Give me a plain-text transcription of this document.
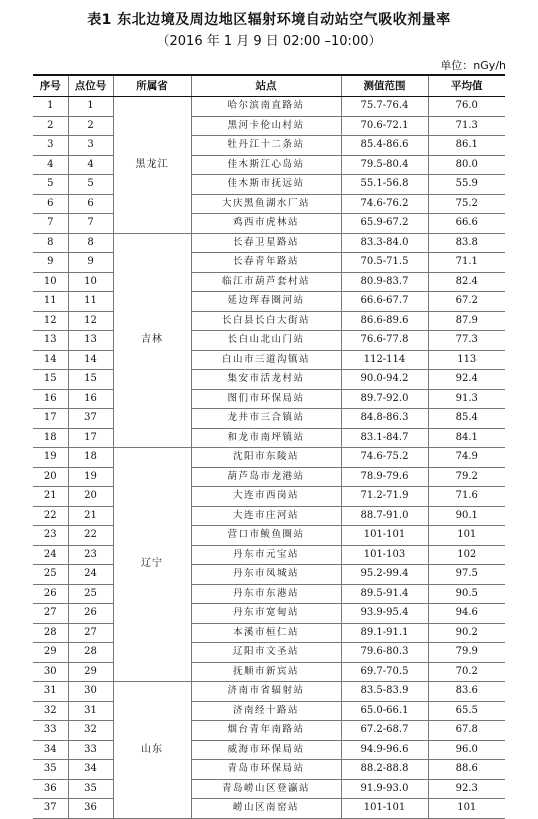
表1 东北边境及周边地区辐射环境自动站空气吸收剂量率
（2016 年 1 月 9 日 02:00 –10:00）
单位：nGy/h
序号	点位号	所属省	站点	测值范围	平均值
1	1	黑龙江	哈尔滨南直路站	75.7-76.4	76.0
2	2		黑河卡伦山村站	70.6-72.1	71.3
3	3		牡丹江十二条站	85.4-86.6	86.1
4	4		佳木斯江心岛站	79.5-80.4	80.0
5	5		佳木斯市抚远站	55.1-56.8	55.9
6	6		大庆黑鱼湖水厂站	74.6-76.2	75.2
7	7		鸡西市虎林站	65.9-67.2	66.6
8	8	吉林	长春卫星路站	83.3-84.0	83.8
9	9		长春青年路站	70.5-71.5	71.1
10	10		临江市葫芦套村站	80.9-83.7	82.4
11	11		延边珲春圈河站	66.6-67.7	67.2
12	12		长白县长白大街站	86.6-89.6	87.9
13	13		长白山北山门站	76.6-77.8	77.3
14	14		白山市三道沟镇站	112-114	113
15	15		集安市活龙村站	90.0-94.2	92.4
16	16		图们市环保局站	89.7-92.0	91.3
17	37		龙井市三合镇站	84.8-86.3	85.4
18	17		和龙市南坪镇站	83.1-84.7	84.1
19	18	辽宁	沈阳市东陵站	74.6-75.2	74.9
20	19		葫芦岛市龙港站	78.9-79.6	79.2
21	20		大连市西岗站	71.2-71.9	71.6
22	21		大连市庄河站	88.7-91.0	90.1
23	22		营口市鲅鱼圈站	101-101	101
24	23		丹东市元宝站	101-103	102
25	24		丹东市凤城站	95.2-99.4	97.5
26	25		丹东市东港站	89.5-91.4	90.5
27	26		丹东市宽甸站	93.9-95.4	94.6
28	27		本溪市桓仁站	89.1-91.1	90.2
29	28		辽阳市文圣站	79.6-80.3	79.9
30	29		抚顺市新宾站	69.7-70.5	70.2
31	30	山东	济南市省辐射站	83.5-83.9	83.6
32	31		济南经十路站	65.0-66.1	65.5
33	32		烟台青年南路站	67.2-68.7	67.8
34	33		威海市环保局站	94.9-96.6	96.0
35	34		青岛市环保局站	88.2-88.8	88.6
36	35		青岛崂山区登瀛站	91.9-93.0	92.3
37	36		崂山区南窑站	101-101	101
